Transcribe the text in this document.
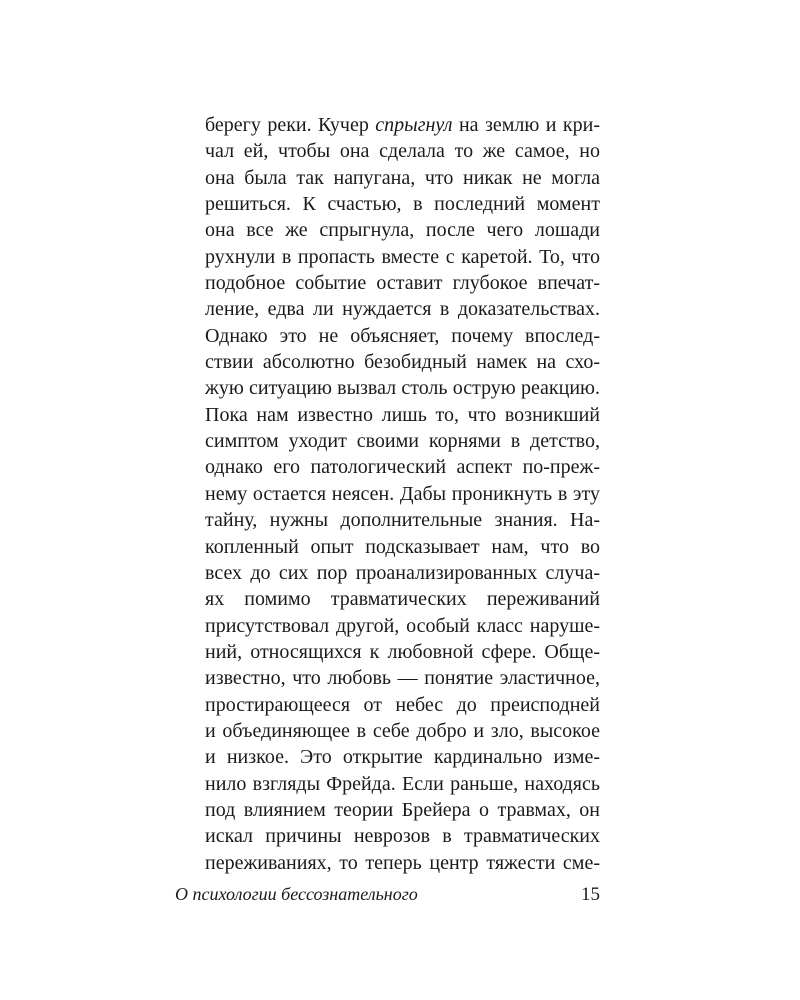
берегу реки. Кучер спрыгнул на землю и кри-
чал ей, чтобы она сделала то же самое, но
она была так напугана, что никак не могла
решиться. К счастью, в последний момент
она все же спрыгнула, после чего лошади
рухнули в пропасть вместе с каретой. То, что
подобное событие оставит глубокое впечат-
ление, едва ли нуждается в доказательствах.
Однако это не объясняет, почему впослед-
ствии абсолютно безобидный намек на схо-
жую ситуацию вызвал столь острую реакцию.
Пока нам известно лишь то, что возникший
симптом уходит своими корнями в детство,
однако его патологический аспект по-преж-
нему остается неясен. Дабы проникнуть в эту
тайну, нужны дополнительные знания. На-
копленный опыт подсказывает нам, что во
всех до сих пор проанализированных случа-
ях помимо травматических переживаний
присутствовал другой, особый класс наруше-
ний, относящихся к любовной сфере. Обще-
известно, что любовь — понятие эластичное,
простирающееся от небес до преисподней
и объединяющее в себе добро и зло, высокое
и низкое. Это открытие кардинально изме-
нило взгляды Фрейда. Если раньше, находясь
под влиянием теории Брейера о травмах, он
искал причины неврозов в травматических
переживаниях, то теперь центр тяжести сме-
О психологии бессознательного	15
